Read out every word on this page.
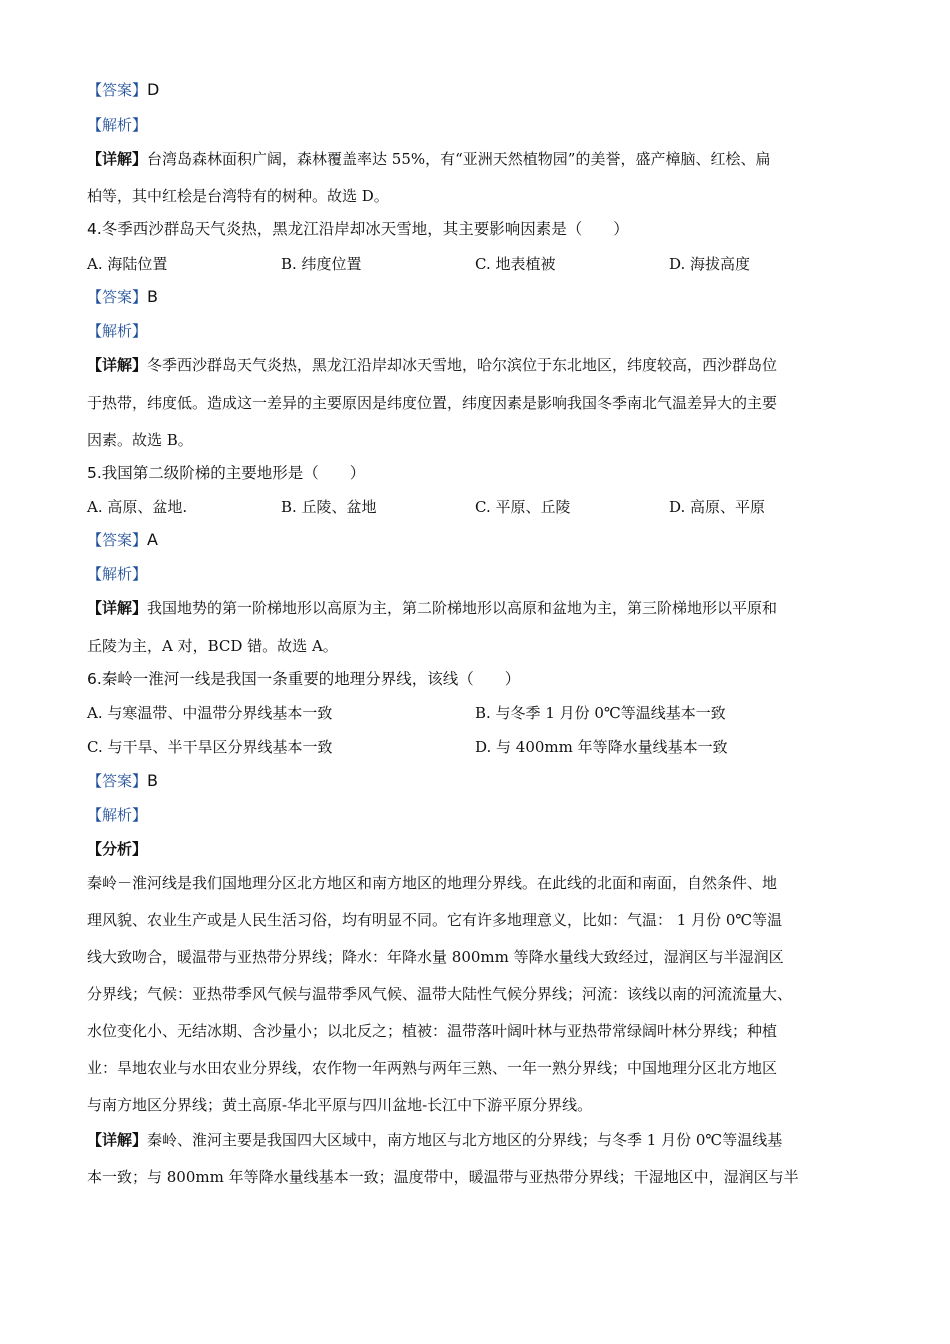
【答案】D
【解析】
【详解】台湾岛森林面积广阔，森林覆盖率达 55%，有“亚洲天然植物园”的美誉，盛产樟脑、红桧、扁
柏等，其中红桧是台湾特有的树种。故选 D。
4.冬季西沙群岛天气炎热，黑龙江沿岸却冰天雪地，其主要影响因素是（　　）
A. 海陆位置	B. 纬度位置	C. 地表植被	D. 海拔高度
【答案】B
【解析】
【详解】冬季西沙群岛天气炎热，黑龙江沿岸却冰天雪地，哈尔滨位于东北地区，纬度较高，西沙群岛位
于热带，纬度低。造成这一差异的主要原因是纬度位置，纬度因素是影响我国冬季南北气温差异大的主要
因素。故选 B。
5.我国第二级阶梯的主要地形是（　　）
A. 高原、盆地.	B. 丘陵、盆地	C. 平原、丘陵	D. 高原、平原
【答案】A
【解析】
【详解】我国地势的第一阶梯地形以高原为主，第二阶梯地形以高原和盆地为主，第三阶梯地形以平原和
丘陵为主，A 对，BCD 错。故选 A。
6.秦岭一淮河一线是我国一条重要的地理分界线，该线（　　）
A. 与寒温带、中温带分界线基本一致	B. 与冬季 1 月份 0℃等温线基本一致
C. 与干旱、半干旱区分界线基本一致	D. 与 400mm 年等降水量线基本一致
【答案】B
【解析】
【分析】
秦岭－淮河线是我们国地理分区北方地区和南方地区的地理分界线。在此线的北面和南面，自然条件、地
理风貌、农业生产或是人民生活习俗，均有明显不同。它有许多地理意义，比如：气温： 1 月份 0℃等温
线大致吻合，暖温带与亚热带分界线；降水：年降水量 800mm 等降水量线大致经过，湿润区与半湿润区
分界线；气候：亚热带季风气候与温带季风气候、温带大陆性气候分界线；河流：该线以南的河流流量大、
水位变化小、无结冰期、含沙量小；以北反之；植被：温带落叶阔叶林与亚热带常绿阔叶林分界线；种植
业：旱地农业与水田农业分界线，农作物一年两熟与两年三熟、一年一熟分界线；中国地理分区北方地区
与南方地区分界线；黄土高原-华北平原与四川盆地-长江中下游平原分界线。
【详解】秦岭、淮河主要是我国四大区域中，南方地区与北方地区的分界线；与冬季 1 月份 0℃等温线基
本一致；与 800mm 年等降水量线基本一致；温度带中，暖温带与亚热带分界线；干湿地区中，湿润区与半
